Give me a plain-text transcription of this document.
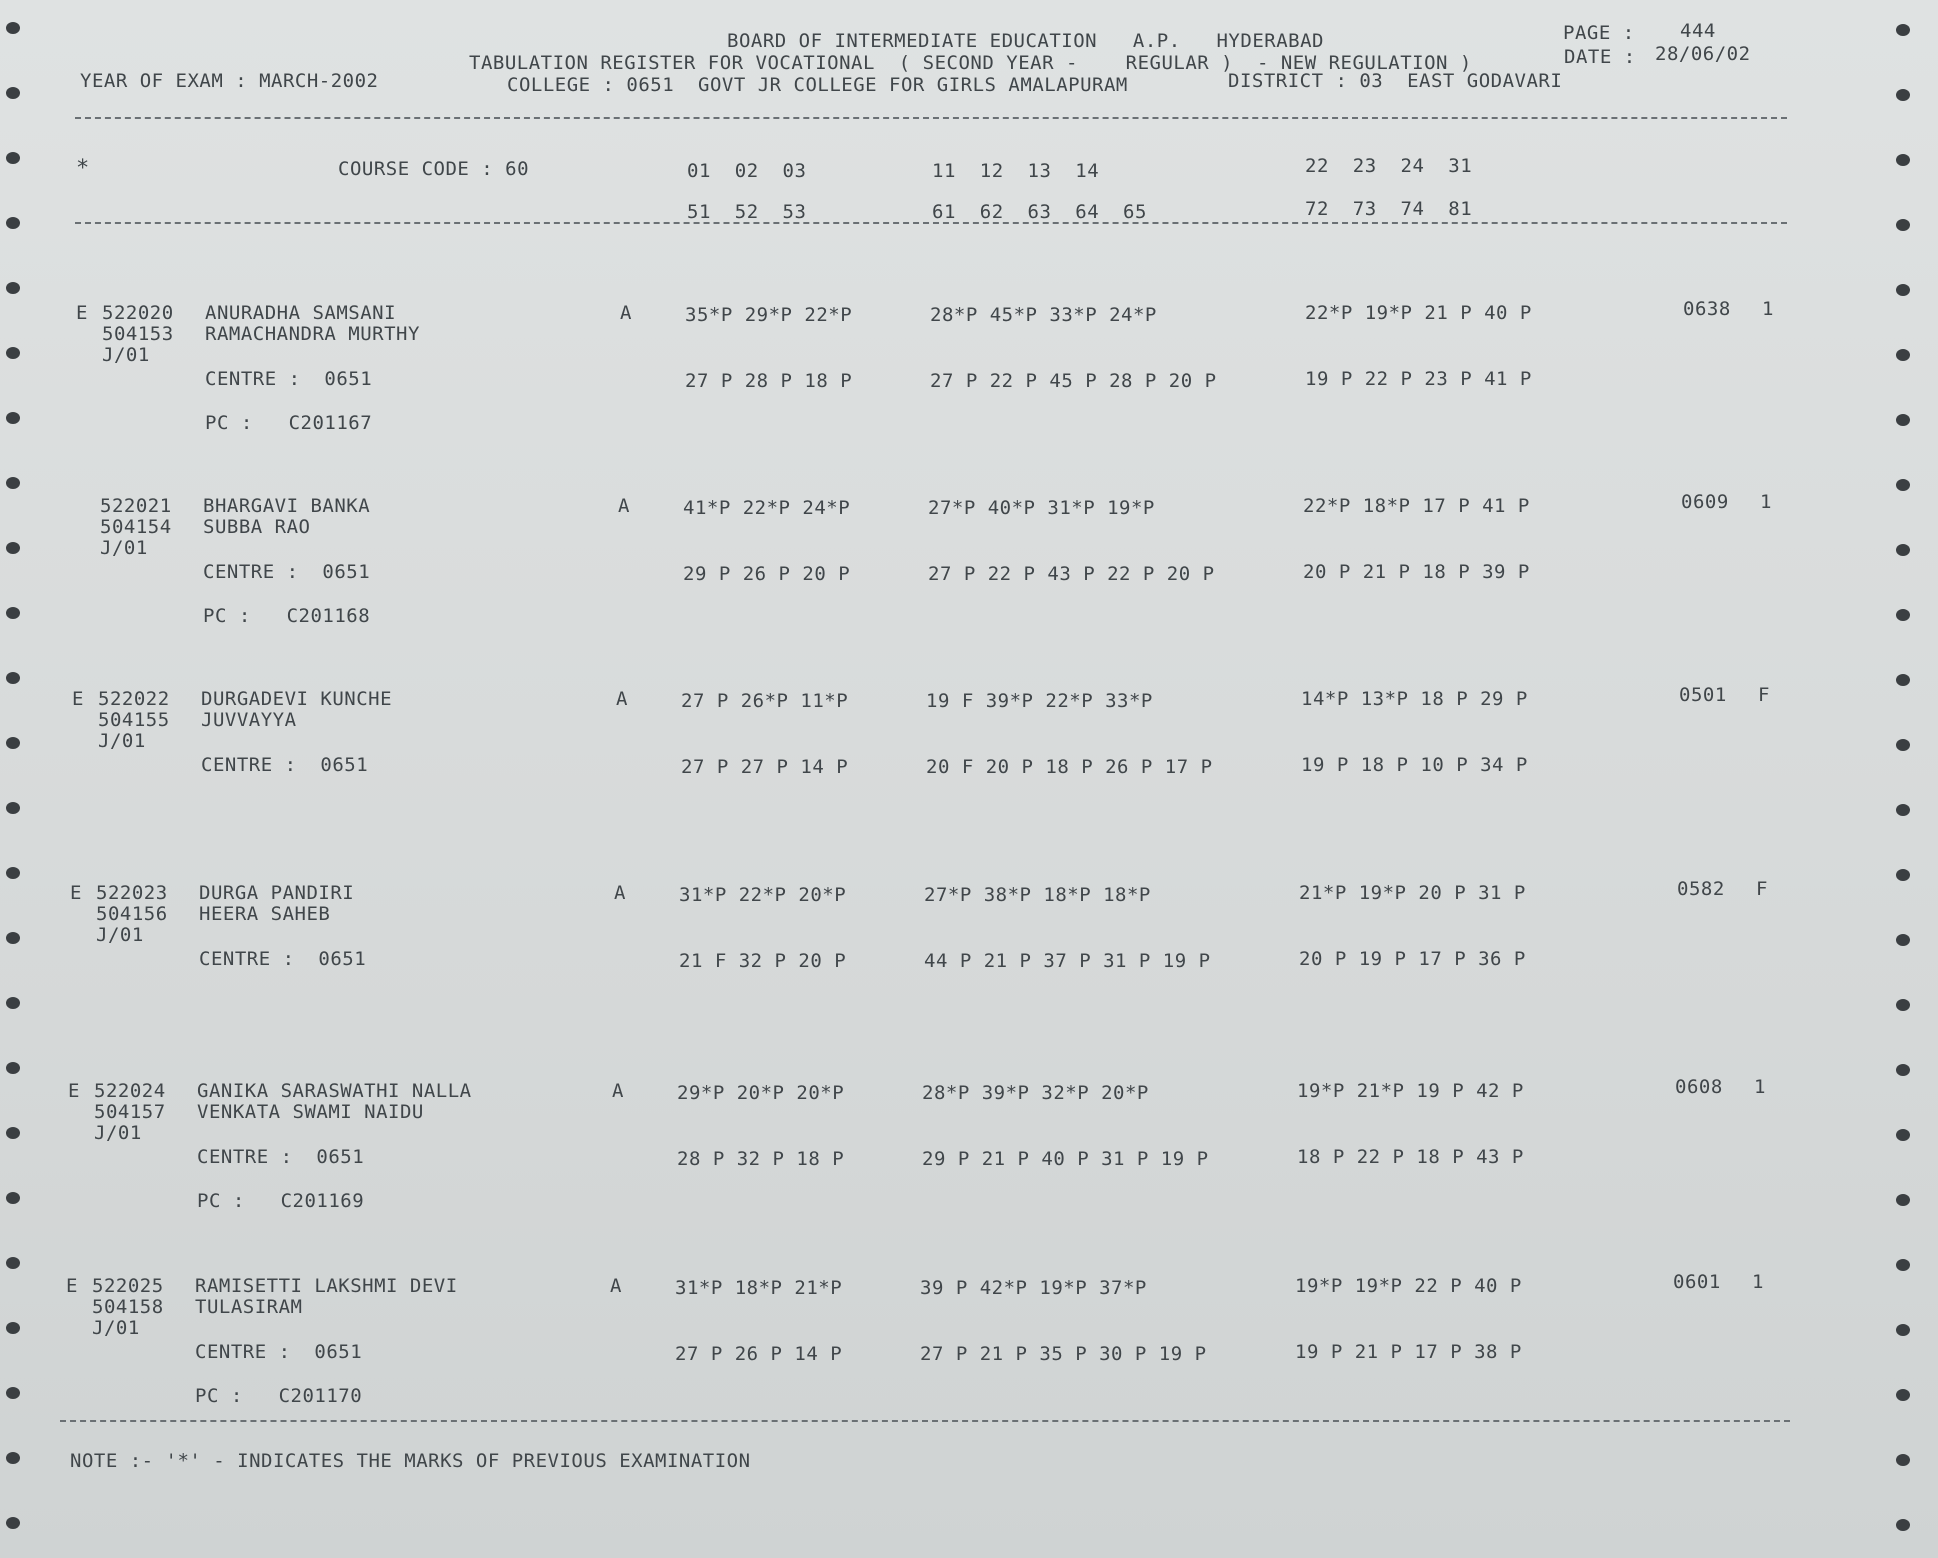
BOARD OF INTERMEDIATE EDUCATION   A.P.   HYDERABAD	PAGE : 444
TABULATION REGISTER FOR VOCATIONAL  ( SECOND YEAR -    REGULAR )  - NEW REGULATION )	DATE : 28/06/02
YEAR OF EXAM : MARCH-2002	COLLEGE : 0651  GOVT JR COLLEGE FOR GIRLS AMALAPURAM	DISTRICT : 03  EAST GODAVARI
*	COURSE CODE : 60	01  02  03	11  12  13  14	22  23  24  31
51  52  53	61  62  63  64  65	72  73  74  81
E 522020 ANURADHA SAMSANI
504153 RAMACHANDRA MURTHY
J/01
A	35*P 29*P 22*P	28*P 45*P 33*P 24*P	22*P 19*P 21 P 40 P
CENTRE :  0651	27 P 28 P 18 P	27 P 22 P 45 P 28 P 20 P	19 P 22 P 23 P 41 P
0638 1
PC :   C201167
522021 BHARGAVI BANKA
504154 SUBBA RAO
J/01
A	41*P 22*P 24*P	27*P 40*P 31*P 19*P	22*P 18*P 17 P 41 P
CENTRE :  0651	29 P 26 P 20 P	27 P 22 P 43 P 22 P 20 P	20 P 21 P 18 P 39 P
0609 1
PC :   C201168
E 522022 DURGADEVI KUNCHE
504155 JUVVAYYA
J/01
A	27 P 26*P 11*P	19 F 39*P 22*P 33*P	14*P 13*P 18 P 29 P
CENTRE :  0651	27 P 27 P 14 P	20 F 20 P 18 P 26 P 17 P	19 P 18 P 10 P 34 P
0501 F
E 522023 DURGA PANDIRI
504156 HEERA SAHEB
J/01
A	31*P 22*P 20*P	27*P 38*P 18*P 18*P	21*P 19*P 20 P 31 P
CENTRE :  0651	21 F 32 P 20 P	44 P 21 P 37 P 31 P 19 P	20 P 19 P 17 P 36 P
0582 F
E 522024 GANIKA SARASWATHI NALLA
504157 VENKATA SWAMI NAIDU
J/01
A	29*P 20*P 20*P	28*P 39*P 32*P 20*P	19*P 21*P 19 P 42 P
CENTRE :  0651	28 P 32 P 18 P	29 P 21 P 40 P 31 P 19 P	18 P 22 P 18 P 43 P
0608 1
PC :   C201169
E 522025 RAMISETTI LAKSHMI DEVI
504158 TULASIRAM
J/01
A	31*P 18*P 21*P	39 P 42*P 19*P 37*P	19*P 19*P 22 P 40 P
CENTRE :  0651	27 P 26 P 14 P	27 P 21 P 35 P 30 P 19 P	19 P 21 P 17 P 38 P
0601 1
PC :   C201170
NOTE :- '*' - INDICATES THE MARKS OF PREVIOUS EXAMINATION
